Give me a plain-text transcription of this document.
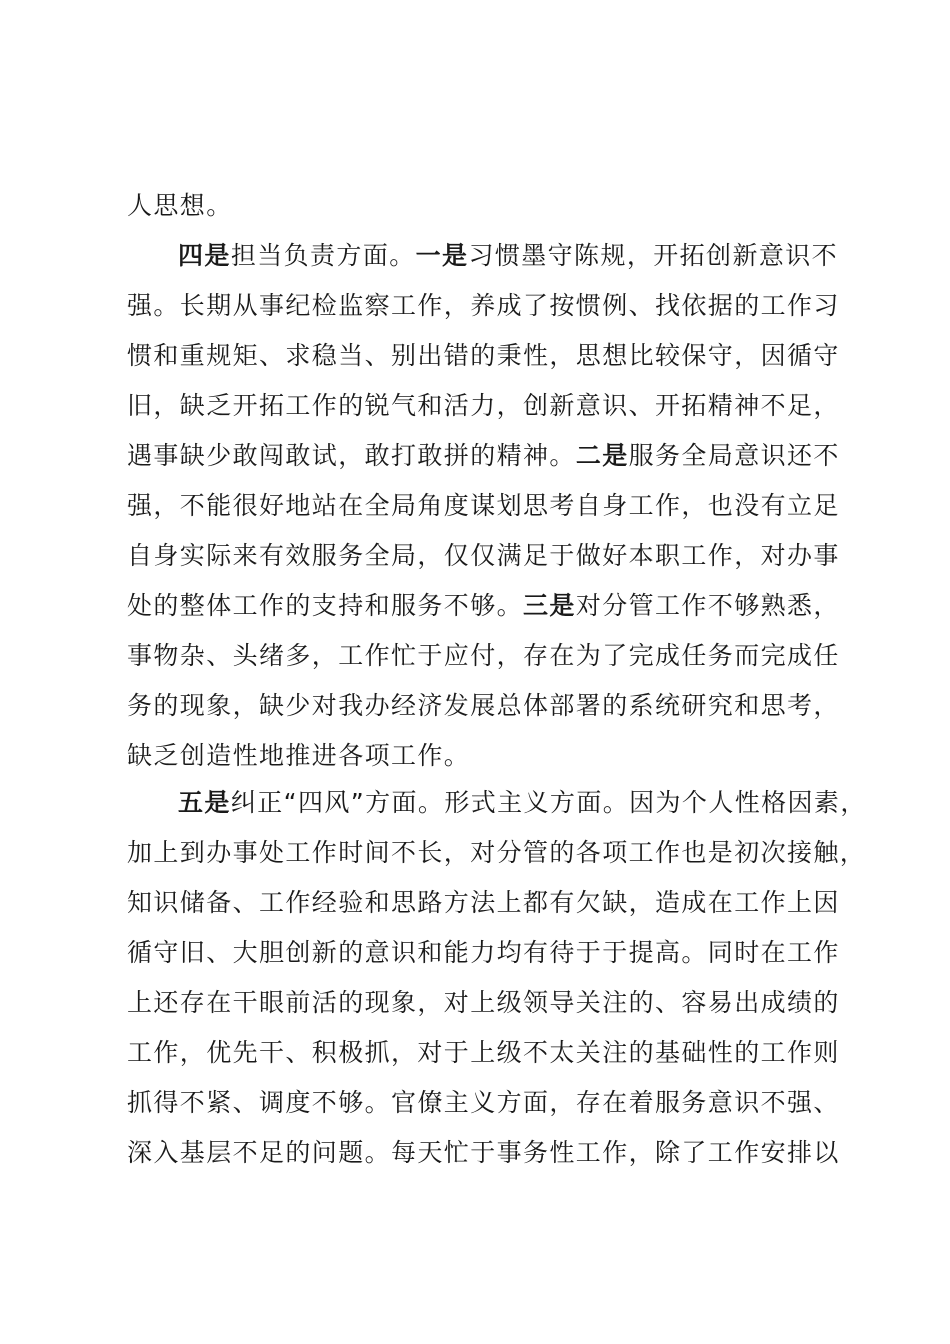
人思想。
四是担当负责方面。一是习惯墨守陈规，开拓创新意识不
强。长期从事纪检监察工作，养成了按惯例、找依据的工作习
惯和重规矩、求稳当、别出错的秉性，思想比较保守，因循守
旧，缺乏开拓工作的锐气和活力，创新意识、开拓精神不足，
遇事缺少敢闯敢试，敢打敢拼的精神。二是服务全局意识还不
强，不能很好地站在全局角度谋划思考自身工作，也没有立足
自身实际来有效服务全局，仅仅满足于做好本职工作，对办事
处的整体工作的支持和服务不够。三是对分管工作不够熟悉，
事物杂、头绪多，工作忙于应付，存在为了完成任务而完成任
务的现象，缺少对我办经济发展总体部署的系统研究和思考，
缺乏创造性地推进各项工作。
五是纠正“四风”方面。形式主义方面。因为个人性格因素，
加上到办事处工作时间不长，对分管的各项工作也是初次接触，
知识储备、工作经验和思路方法上都有欠缺，造成在工作上因
循守旧、大胆创新的意识和能力均有待于于提高。同时在工作
上还存在干眼前活的现象，对上级领导关注的、容易出成绩的
工作，优先干、积极抓，对于上级不太关注的基础性的工作则
抓得不紧、调度不够。官僚主义方面，存在着服务意识不强、
深入基层不足的问题。每天忙于事务性工作，除了工作安排以
